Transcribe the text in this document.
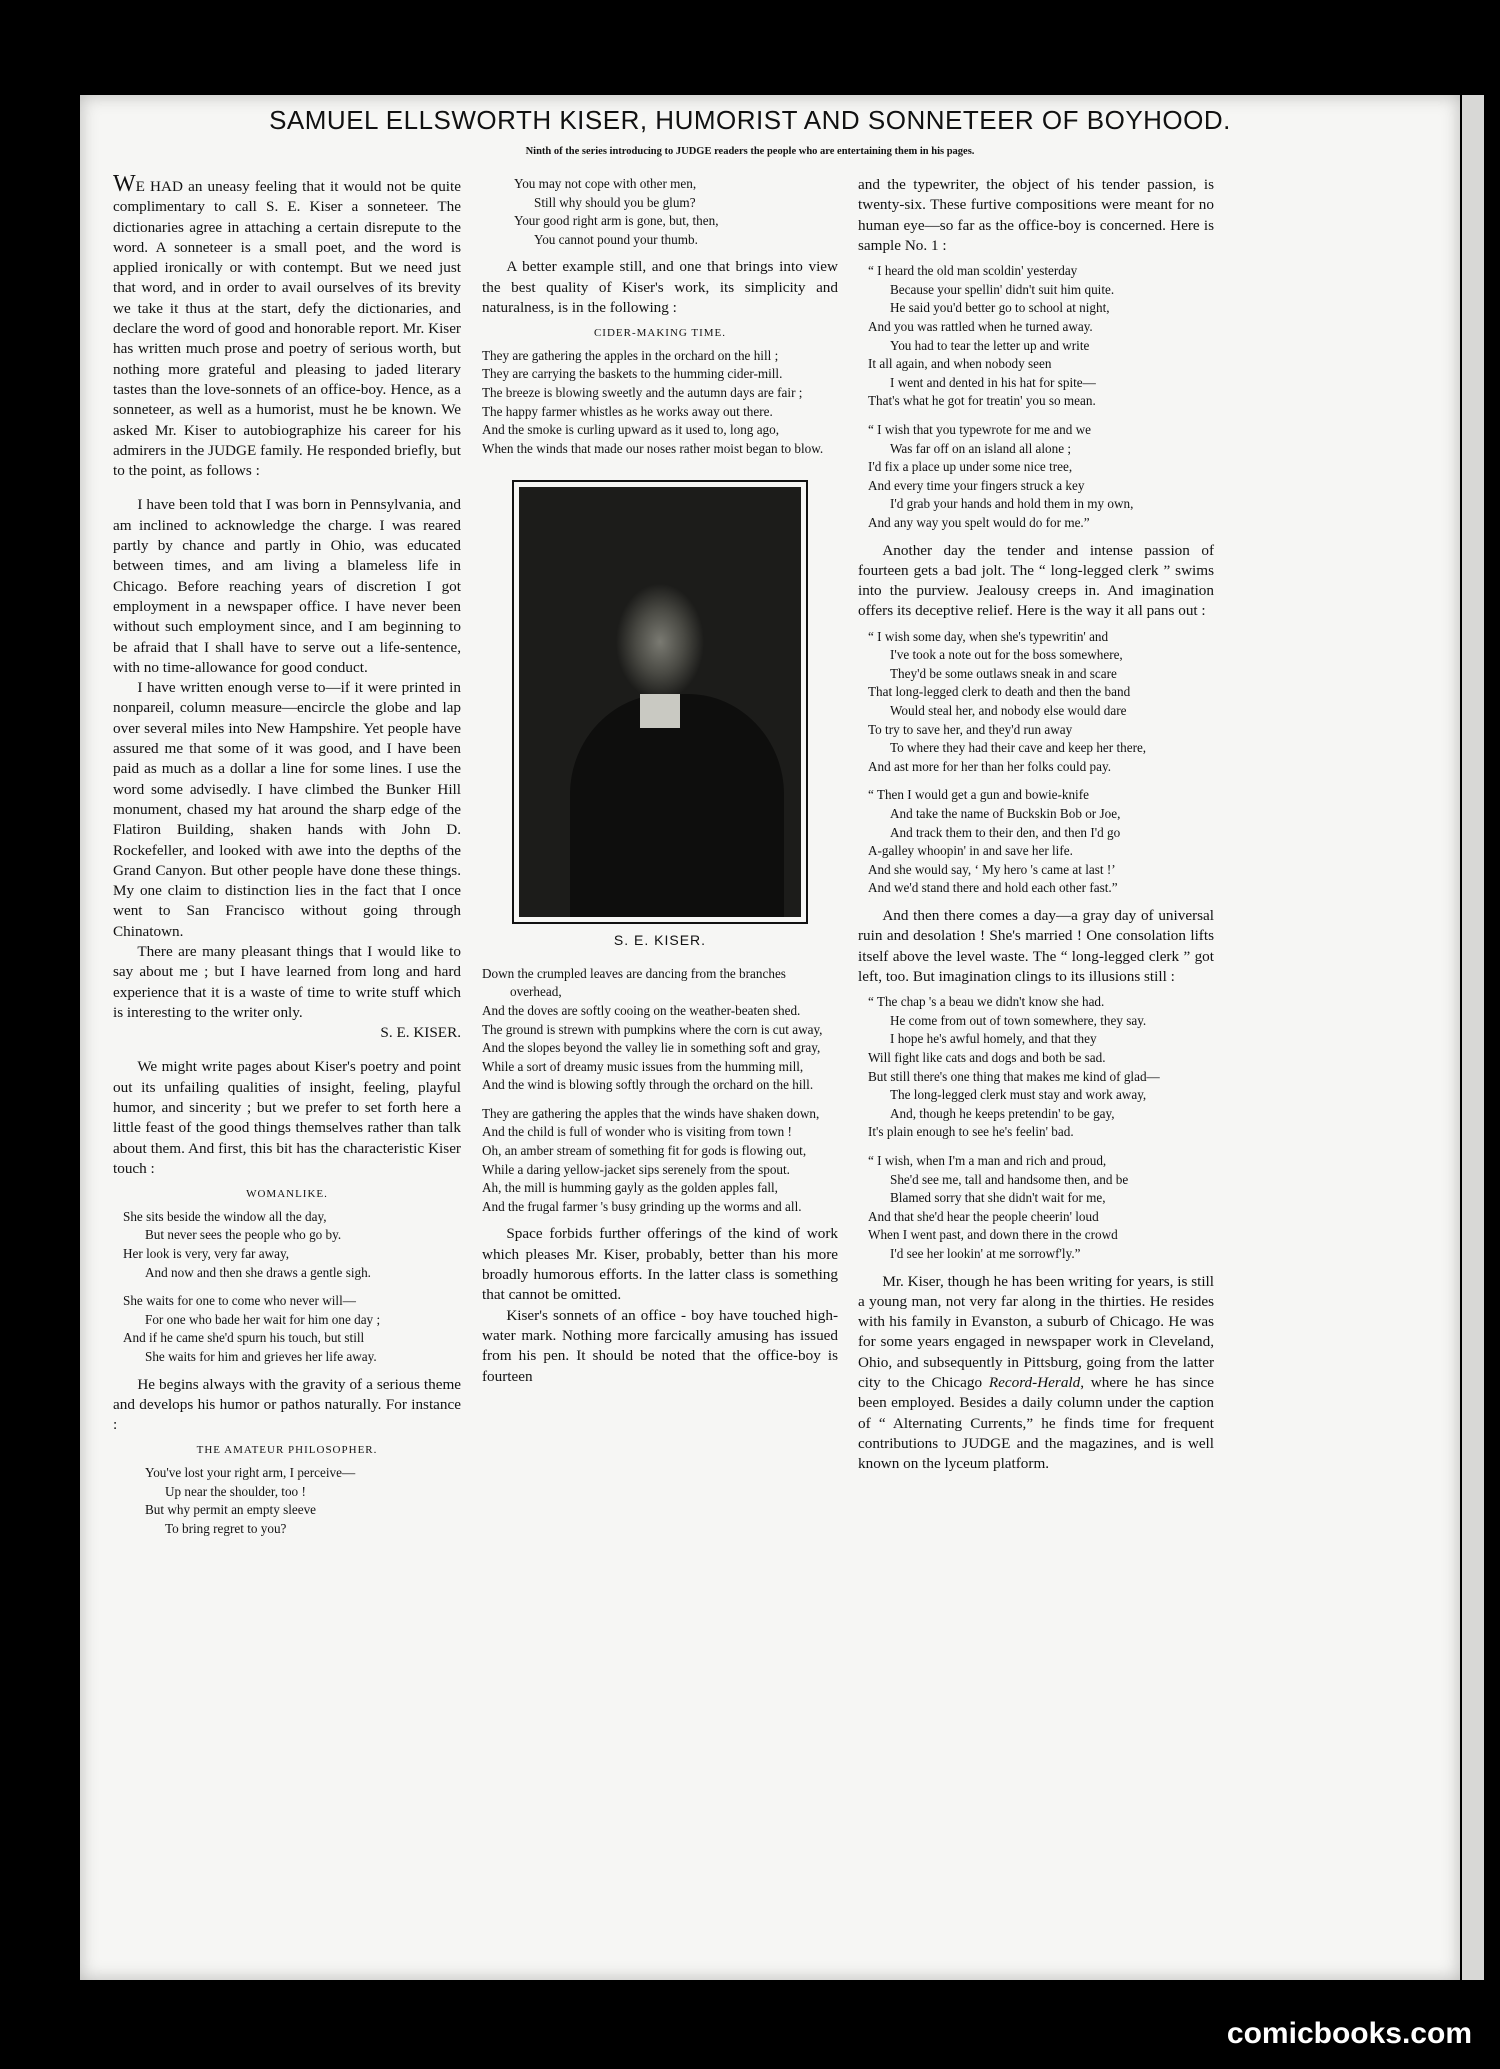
SAMUEL ELLSWORTH KISER, HUMORIST AND SONNETEER OF BOYHOOD.

Ninth of the series introducing to JUDGE readers the people who are entertaining them in his pages.

WE HAD an uneasy feeling that it would not be quite complimentary to call S. E. Kiser a sonneteer. The dictionaries agree in attaching a certain disrepute to the word. A sonneteer is a small poet, and the word is applied ironically or with contempt. But we need just that word, and in order to avail ourselves of its brevity we take it thus at the start, defy the dictionaries, and declare the word of good and honorable report. Mr. Kiser has written much prose and poetry of serious worth, but nothing more grateful and pleasing to jaded literary tastes than the love-sonnets of an office-boy. Hence, as a sonneteer, as well as a humorist, must he be known. We asked Mr. Kiser to autobiographize his career for his admirers in the JUDGE family. He responded briefly, but to the point, as follows :

I have been told that I was born in Pennsylvania, and am inclined to acknowledge the charge. I was reared partly by chance and partly in Ohio, was educated between times, and am living a blameless life in Chicago. Before reaching years of discretion I got employment in a newspaper office. I have never been without such employment since, and I am beginning to be afraid that I shall have to serve out a life-sentence, with no time-allowance for good conduct.

I have written enough verse to—if it were printed in nonpareil, column measure—encircle the globe and lap over several miles into New Hampshire. Yet people have assured me that some of it was good, and I have been paid as much as a dollar a line for some lines. I use the word some advisedly. I have climbed the Bunker Hill monument, chased my hat around the sharp edge of the Flatiron Building, shaken hands with John D. Rockefeller, and looked with awe into the depths of the Grand Canyon. But other people have done these things. My one claim to distinction lies in the fact that I once went to San Francisco without going through Chinatown.

There are many pleasant things that I would like to say about me ; but I have learned from long and hard experience that it is a waste of time to write stuff which is interesting to the writer only.

S. E. KISER.

We might write pages about Kiser's poetry and point out its unfailing qualities of insight, feeling, playful humor, and sincerity ; but we prefer to set forth here a little feast of the good things themselves rather than talk about them. And first, this bit has the characteristic Kiser touch :

WOMANLIKE.
She sits beside the window all the day,
But never sees the people who go by.
Her look is very, very far away,
And now and then she draws a gentle sigh.
She waits for one to come who never will—
For one who bade her wait for him one day ;
And if he came she'd spurn his touch, but still
She waits for him and grieves her life away.

He begins always with the gravity of a serious theme and develops his humor or pathos naturally. For instance :

THE AMATEUR PHILOSOPHER.
You've lost your right arm, I perceive—
Up near the shoulder, too !
But why permit an empty sleeve
To bring regret to you?
You may not cope with other men,
Still why should you be glum?
Your good right arm is gone, but, then,
You cannot pound your thumb.

A better example still, and one that brings into view the best quality of Kiser's work, its simplicity and naturalness, is in the following :

CIDER-MAKING TIME.
They are gathering the apples in the orchard on the hill ;
They are carrying the baskets to the humming cider-mill.
The breeze is blowing sweetly and the autumn days are fair ;
The happy farmer whistles as he works away out there.
And the smoke is curling upward as it used to, long ago,
When the winds that made our noses rather moist began to blow.
S. E. KISER.
Down the crumpled leaves are dancing from the branches overhead,
And the doves are softly cooing on the weather-beaten shed.
The ground is strewn with pumpkins where the corn is cut away,
And the slopes beyond the valley lie in something soft and gray,
While a sort of dreamy music issues from the humming mill,
And the wind is blowing softly through the orchard on the hill.
They are gathering the apples that the winds have shaken down,
And the child is full of wonder who is visiting from town !
Oh, an amber stream of something fit for gods is flowing out,
While a daring yellow-jacket sips serenely from the spout.
Ah, the mill is humming gayly as the golden apples fall,
And the frugal farmer 's busy grinding up the worms and all.

Space forbids further offerings of the kind of work which pleases Mr. Kiser, probably, better than his more broadly humorous efforts. In the latter class is something that cannot be omitted.

Kiser's sonnets of an office - boy have touched high-water mark. Nothing more farcically amusing has issued from his pen. It should be noted that the office-boy is fourteen

and the typewriter, the object of his tender passion, is twenty-six. These furtive compositions were meant for no human eye—so far as the office-boy is concerned. Here is sample No. 1 :

“ I heard the old man scoldin' yesterday
Because your spellin' didn't suit him quite.
He said you'd better go to school at night,
And you was rattled when he turned away.
You had to tear the letter up and write
It all again, and when nobody seen
I went and dented in his hat for spite—
That's what he got for treatin' you so mean.
“ I wish that you typewrote for me and we
Was far off on an island all alone ;
I'd fix a place up under some nice tree,
And every time your fingers struck a key
I'd grab your hands and hold them in my own,
And any way you spelt would do for me.”

Another day the tender and intense passion of fourteen gets a bad jolt. The “ long-legged clerk ” swims into the purview. Jealousy creeps in. And imagination offers its deceptive relief. Here is the way it all pans out :

“ I wish some day, when she's typewritin' and
I've took a note out for the boss somewhere,
They'd be some outlaws sneak in and scare
That long-legged clerk to death and then the band
Would steal her, and nobody else would dare
To try to save her, and they'd run away
To where they had their cave and keep her there,
And ast more for her than her folks could pay.
“ Then I would get a gun and bowie-knife
And take the name of Buckskin Bob or Joe,
And track them to their den, and then I'd go
A-galley whoopin' in and save her life.
And she would say, ‘ My hero 's came at last !’
And we'd stand there and hold each other fast.”

And then there comes a day—a gray day of universal ruin and desolation ! She's married ! One consolation lifts itself above the level waste. The “ long-legged clerk ” got left, too. But imagination clings to its illusions still :

“ The chap 's a beau we didn't know she had.
He come from out of town somewhere, they say.
I hope he's awful homely, and that they
Will fight like cats and dogs and both be sad.
But still there's one thing that makes me kind of glad—
The long-legged clerk must stay and work away,
And, though he keeps pretendin' to be gay,
It's plain enough to see he's feelin' bad.
“ I wish, when I'm a man and rich and proud,
She'd see me, tall and handsome then, and be
Blamed sorry that she didn't wait for me,
And that she'd hear the people cheerin' loud
When I went past, and down there in the crowd
I'd see her lookin' at me sorrowf'ly.”

Mr. Kiser, though he has been writing for years, is still a young man, not very far along in the thirties. He resides with his family in Evanston, a suburb of Chicago. He was for some years engaged in newspaper work in Cleveland, Ohio, and subsequently in Pittsburg, going from the latter city to the Chicago Record-Herald, where he has since been employed. Besides a daily column under the caption of “ Alternating Currents,” he finds time for frequent contributions to JUDGE and the magazines, and is well known on the lyceum platform.

comicbooks.com
